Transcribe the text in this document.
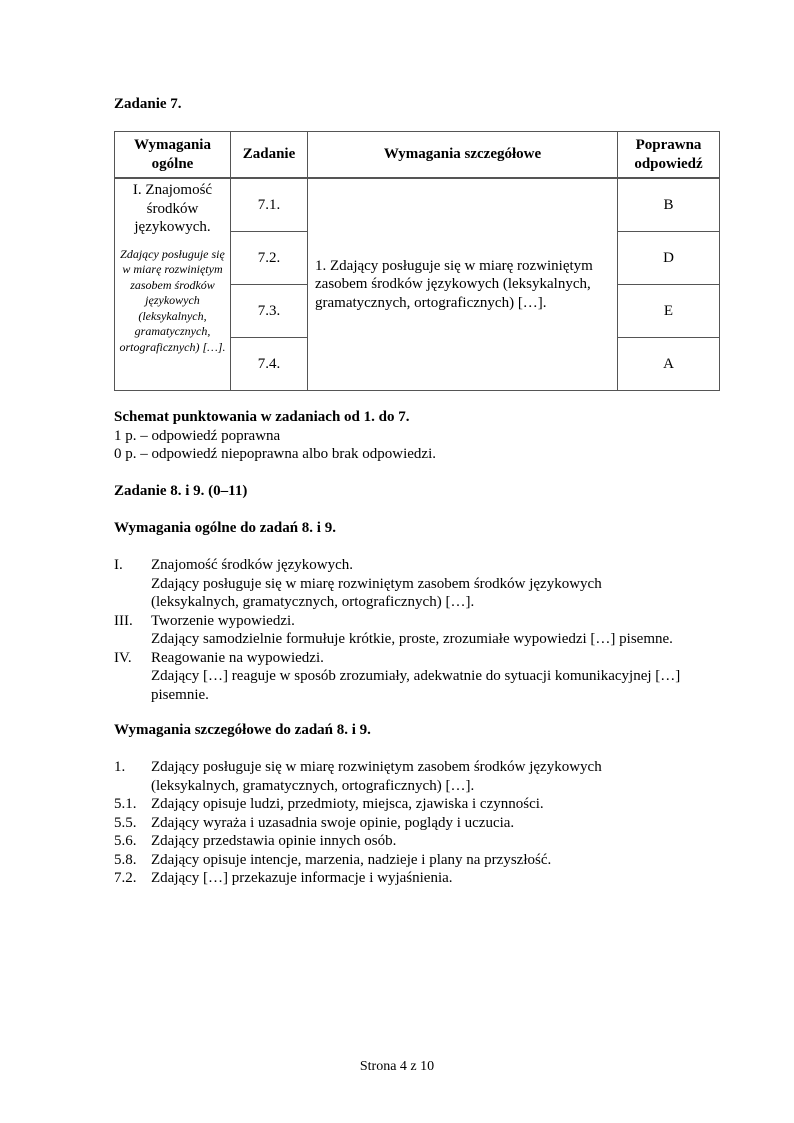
Zadanie 7.
Wymagania ogólne	Zadanie	Wymagania szczegółowe	Poprawna odpowiedź

I. Znajomość środków językowych.
Zdający posługuje się w miarę rozwiniętym zasobem środków językowych (leksykalnych, gramatycznych, ortograficznych) […].	7.1.	1. Zdający posługuje się w miarę rozwiniętym zasobem środków językowych (leksykalnych, gramatycznych, ortograficznych) […].	B
	7.2.		D
	7.3.		E
	7.4.		A
Schemat punktowania w zadaniach od 1. do 7.
1 p. – odpowiedź poprawna
0 p. – odpowiedź niepoprawna albo brak odpowiedzi.
Zadanie 8. i 9. (0–11)
Wymagania ogólne do zadań 8. i 9.
I.	Znajomość środków językowych.
Zdający posługuje się w miarę rozwiniętym zasobem środków językowych
(leksykalnych, gramatycznych, ortograficznych) […].
III.	Tworzenie wypowiedzi.
Zdający samodzielnie formułuje krótkie, proste, zrozumiałe wypowiedzi […] pisemne.
IV.	Reagowanie na wypowiedzi.
Zdający […] reaguje w sposób zrozumiały, adekwatnie do sytuacji komunikacyjnej […]
pisemnie.
Wymagania szczegółowe do zadań 8. i 9.
1.	Zdający posługuje się w miarę rozwiniętym zasobem środków językowych
(leksykalnych, gramatycznych, ortograficznych) […].
5.1. Zdający opisuje ludzi, przedmioty, miejsca, zjawiska i czynności.
5.5. Zdający wyraża i uzasadnia swoje opinie, poglądy i uczucia.
5.6. Zdający przedstawia opinie innych osób.
5.8. Zdający opisuje intencje, marzenia, nadzieje i plany na przyszłość.
7.2. Zdający […] przekazuje informacje i wyjaśnienia.
Strona 4 z 10
